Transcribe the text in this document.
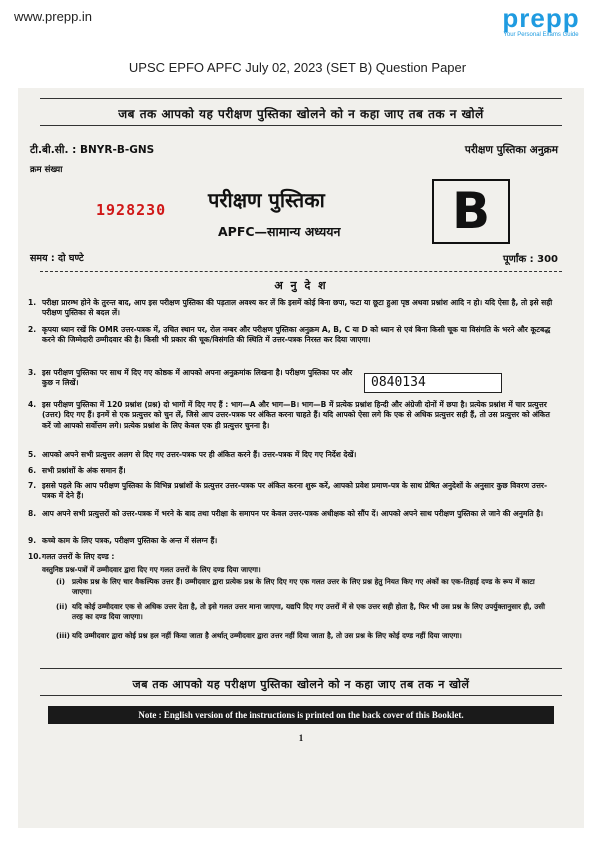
www.prepp.in	prepp
Your Personal Exams Guide
UPSC EPFO APFC July 02, 2023 (SET B) Question Paper
जब तक आपको यह परीक्षण पुस्तिका खोलने को न कहा जाए तब तक न खोलें
टी.बी.सी. : BNYR-B-GNS	परीक्षण पुस्तिका अनुक्रम
क्रम संख्या
1928230 परीक्षण पुस्तिका	B
APFC—सामान्य अध्ययन
समय : दो घण्टे	पूर्णांक : 300
अ नु दे श
1. परीक्षा प्रारम्भ होने के तुरन्त बाद, आप इस परीक्षण पुस्तिका की पड़ताल अवश्य कर लें कि इसमें कोई बिना छपा, फटा या छूटा हुआ पृष्ठ अथवा प्रश्नांश आदि न हो। यदि ऐसा है, तो इसे सही परीक्षण पुस्तिका से बदल लें।
2. कृपया ध्यान रखें कि OMR उत्तर-पत्रक में, उचित स्थान पर, रोल नम्बर और परीक्षण पुस्तिका अनुक्रम A, B, C या D को ध्यान से एवं बिना किसी चूक या विसंगति के भरने और कूटबद्ध करने की जिम्मेदारी उम्मीदवार की है। किसी भी प्रकार की चूक/विसंगति की स्थिति में उत्तर-पत्रक निरस्त कर दिया जाएगा।
3. इस परीक्षण पुस्तिका पर साथ में दिए गए कोष्ठक में आपको अपना अनुक्रमांक लिखना है। परीक्षण पुस्तिका पर और कुछ न लिखें।	0840134
4. इस परीक्षण पुस्तिका में 120 प्रश्नांश (प्रश्न) दो भागों में दिए गए हैं : भाग—A और भाग—B। भाग—B में प्रत्येक प्रश्नांश हिन्दी और अंग्रेजी दोनों में छपा है। प्रत्येक प्रश्नांश में चार प्रत्युत्तर (उत्तर) दिए गए हैं। इनमें से एक प्रत्युत्तर को चुन लें, जिसे आप उत्तर-पत्रक पर अंकित करना चाहते हैं। यदि आपको ऐसा लगे कि एक से अधिक प्रत्युत्तर सही हैं, तो उस प्रत्युत्तर को अंकित करें जो आपको सर्वोत्तम लगे। प्रत्येक प्रश्नांश के लिए केवल एक ही प्रत्युत्तर चुनना है।
5. आपको अपने सभी प्रत्युत्तर अलग से दिए गए उत्तर-पत्रक पर ही अंकित करने हैं। उत्तर-पत्रक में दिए गए निर्देश देखें।
6. सभी प्रश्नांशों के अंक समान हैं।
7. इससे पहले कि आप परीक्षण पुस्तिका के विभिन्न प्रश्नांशों के प्रत्युत्तर उत्तर-पत्रक पर अंकित करना शुरू करें, आपको प्रवेश प्रमाण-पत्र के साथ प्रेषित अनुदेशों के अनुसार कुछ विवरण उत्तर-पत्रक में देने हैं।
8. आप अपने सभी प्रत्युत्तरों को उत्तर-पत्रक में भरने के बाद तथा परीक्षा के समापन पर केवल उत्तर-पत्रक अधीक्षक को सौंप दें। आपको अपने साथ परीक्षण पुस्तिका ले जाने की अनुमति है।
9. कच्चे काम के लिए पत्रक, परीक्षण पुस्तिका के अन्त में संलग्न हैं।
10. गलत उत्तरों के लिए दण्ड :
वस्तुनिष्ठ प्रश्न-पत्रों में उम्मीदवार द्वारा दिए गए गलत उत्तरों के लिए दण्ड दिया जाएगा।
(i) प्रत्येक प्रश्न के लिए चार वैकल्पिक उत्तर हैं। उम्मीदवार द्वारा प्रत्येक प्रश्न के लिए दिए गए एक गलत उत्तर के लिए प्रश्न हेतु नियत किए गए अंकों का एक-तिहाई दण्ड के रूप में काटा जाएगा।
(ii) यदि कोई उम्मीदवार एक से अधिक उत्तर देता है, तो इसे गलत उत्तर माना जाएगा, यद्यपि दिए गए उत्तरों में से एक उत्तर सही होता है, फिर भी उस प्रश्न के लिए उपर्युक्तानुसार ही, उसी तरह का दण्ड दिया जाएगा।
(iii) यदि उम्मीदवार द्वारा कोई प्रश्न हल नहीं किया जाता है अर्थात् उम्मीदवार द्वारा उत्तर नहीं दिया जाता है, तो उस प्रश्न के लिए कोई दण्ड नहीं दिया जाएगा।
जब तक आपको यह परीक्षण पुस्तिका खोलने को न कहा जाए तब तक न खोलें
Note : English version of the instructions is printed on the back cover of this Booklet.
1
